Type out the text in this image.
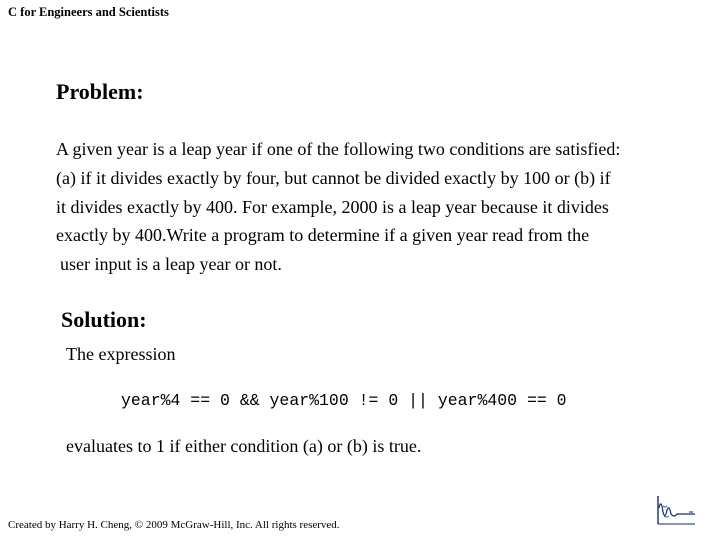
C for Engineers and Scientists
Problem:
A given year is a leap year if one of the following two conditions are satisfied:
(a) if it divides exactly by four, but cannot be divided exactly by 100 or (b) if
it divides exactly by 400. For example, 2000 is a leap year because it divides
exactly by 400.Write a program to determine if a given year read from the
user input is a leap year or not.
Solution:
The expression
year%4 == 0 && year%100 != 0 || year%400 == 0
evaluates to 1 if either condition (a) or (b) is true.
Created by Harry H. Cheng, © 2009 McGraw-Hill, Inc. All rights reserved.
